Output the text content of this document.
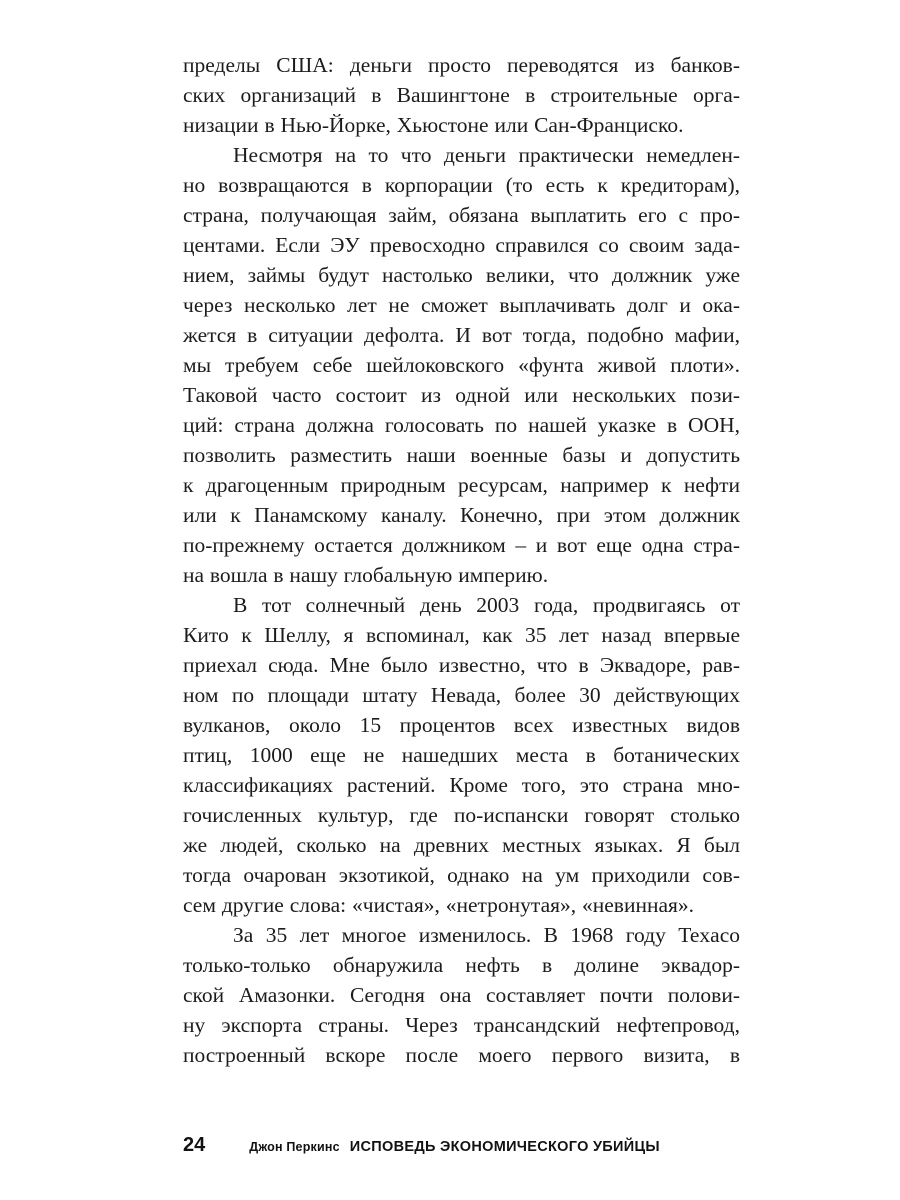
пределы США: деньги просто переводятся из банков-
ских организаций в Вашингтоне в строительные орга-
низации в Нью-Йорке, Хьюстоне или Сан-Франциско.
Несмотря на то что деньги практически немедлен-
но возвращаются в корпорации (то есть к кредиторам),
страна, получающая займ, обязана выплатить его с про-
центами. Если ЭУ превосходно справился со своим зада-
нием, займы будут настолько велики, что должник уже
через несколько лет не сможет выплачивать долг и ока-
жется в ситуации дефолта. И вот тогда, подобно мафии,
мы требуем себе шейлоковского «фунта живой плоти».
Таковой часто состоит из одной или нескольких пози-
ций: страна должна голосовать по нашей указке в ООН,
позволить разместить наши военные базы и допустить
к драгоценным природным ресурсам, например к нефти
или к Панамскому каналу. Конечно, при этом должник
по-прежнему остается должником – и вот еще одна стра-
на вошла в нашу глобальную империю.
В тот солнечный день 2003 года, продвигаясь от
Кито к Шеллу, я вспоминал, как 35 лет назад впервые
приехал сюда. Мне было известно, что в Эквадоре, рав-
ном по площади штату Невада, более 30 действующих
вулканов, около 15 процентов всех известных видов
птиц, 1000 еще не нашедших места в ботанических
классификациях растений. Кроме того, это страна мно-
гочисленных культур, где по-испански говорят столько
же людей, сколько на древних местных языках. Я был
тогда очарован экзотикой, однако на ум приходили сов-
сем другие слова: «чистая», «нетронутая», «невинная».
За 35 лет многое изменилось. В 1968 году Texaco
только-только обнаружила нефть в долине эквадор-
ской Амазонки. Сегодня она составляет почти полови-
ну экспорта страны. Через трансандский нефтепровод,
построенный вскоре после моего первого визита, в
24	Джон Перкинс ИСПОВЕДЬ ЭКОНОМИЧЕСКОГО УБИЙЦЫ
